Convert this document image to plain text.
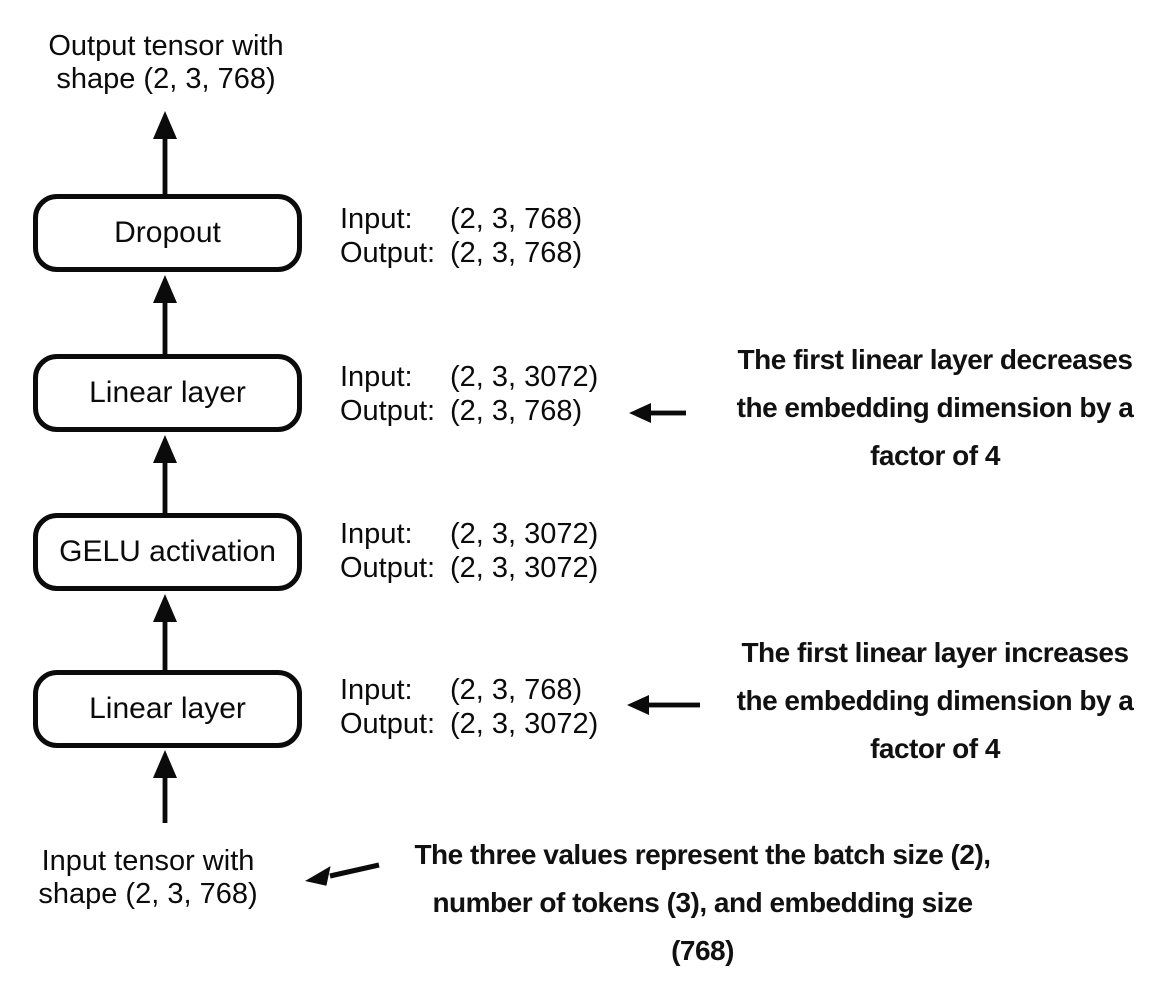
Output tensor with
shape (2, 3, 768)
Dropout
Linear layer
GELU activation
Linear layer
Input:	(2, 3, 768)
Output: (2, 3, 768)
Input:	(2, 3, 3072)
Output: (2, 3, 768)
Input:	(2, 3, 3072)
Output: (2, 3, 3072)
Input:	(2, 3, 768)
Output: (2, 3, 3072)
The first linear layer decreases
the embedding dimension by a
factor of 4
The first linear layer increases
the embedding dimension by a
factor of 4
The three values represent the batch size (2),
number of tokens (3), and embedding size
(768)
Input tensor with
shape (2, 3, 768)
